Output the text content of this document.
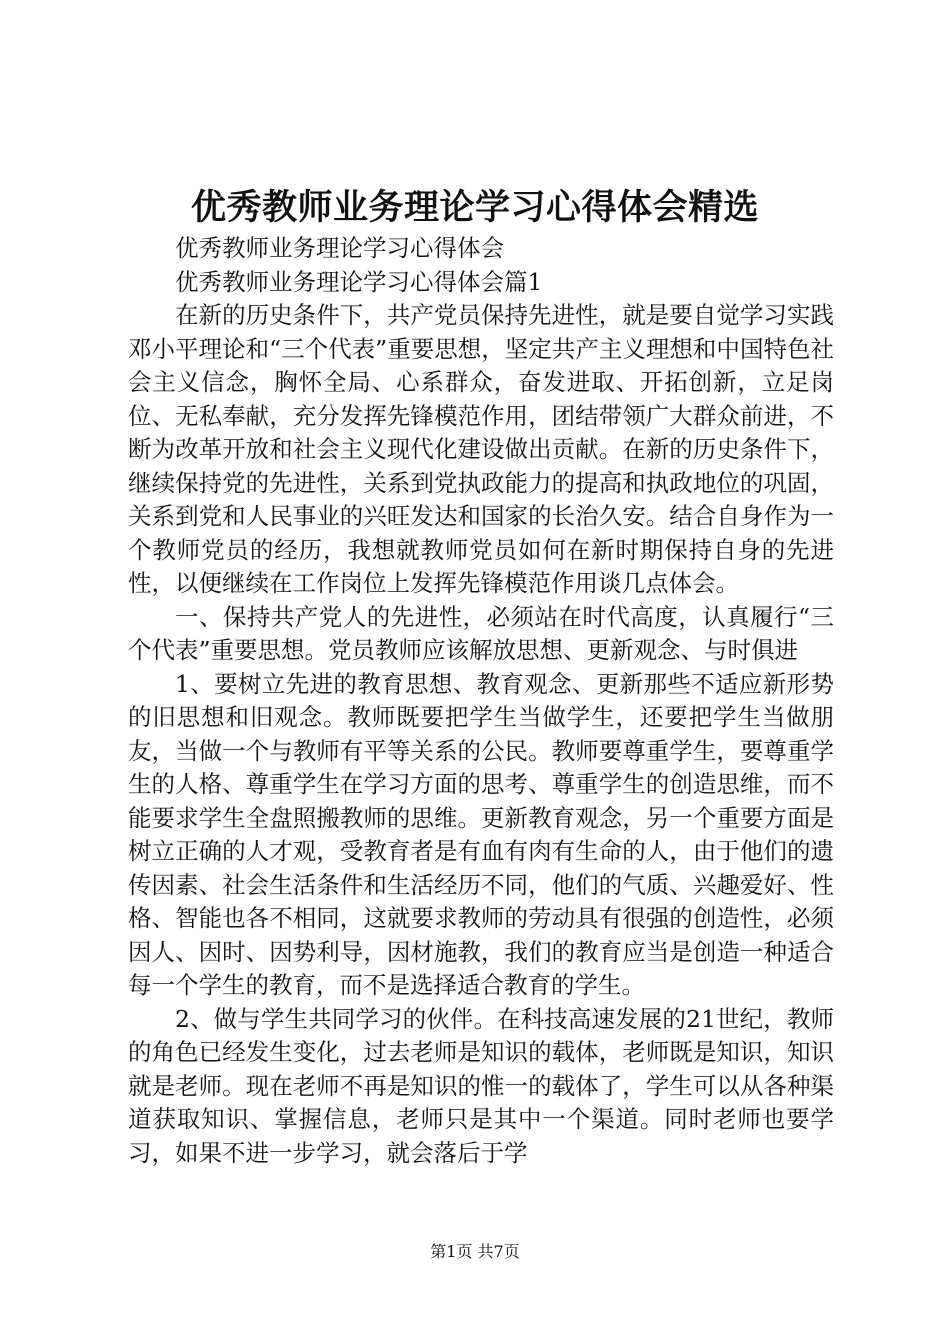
优秀教师业务理论学习心得体会精选

优秀教师业务理论学习心得体会

优秀教师业务理论学习心得体会篇1

在新的历史条件下，共产党员保持先进性，就是要自觉学习实践邓小平理论和“三个代表”重要思想，坚定共产主义理想和中国特色社会主义信念，胸怀全局、心系群众，奋发进取、开拓创新，立足岗位、无私奉献，充分发挥先锋模范作用，团结带领广大群众前进，不断为改革开放和社会主义现代化建设做出贡献。在新的历史条件下，继续保持党的先进性，关系到党执政能力的提高和执政地位的巩固，关系到党和人民事业的兴旺发达和国家的长治久安。结合自身作为一个教师党员的经历，我想就教师党员如何在新时期保持自身的先进性，以便继续在工作岗位上发挥先锋模范作用谈几点体会。

一、保持共产党人的先进性，必须站在时代高度，认真履行“三个代表”重要思想。党员教师应该解放思想、更新观念、与时俱进

1、要树立先进的教育思想、教育观念、更新那些不适应新形势的旧思想和旧观念。教师既要把学生当做学生，还要把学生当做朋友，当做一个与教师有平等关系的公民。教师要尊重学生，要尊重学生的人格、尊重学生在学习方面的思考、尊重学生的创造思维，而不能要求学生全盘照搬教师的思维。更新教育观念，另一个重要方面是树立正确的人才观，受教育者是有血有肉有生命的人，由于他们的遗传因素、社会生活条件和生活经历不同，他们的气质、兴趣爱好、性格、智能也各不相同，这就要求教师的劳动具有很强的创造性，必须因人、因时、因势利导，因材施教，我们的教育应当是创造一种适合每一个学生的教育，而不是选择适合教育的学生。

2、做与学生共同学习的伙伴。在科技高速发展的21世纪，教师的角色已经发生变化，过去老师是知识的载体，老师既是知识，知识就是老师。现在老师不再是知识的惟一的载体了，学生可以从各种渠道获取知识、掌握信息，老师只是其中一个渠道。同时老师也要学习，如果不进一步学习，就会落后于学

第1页 共7页
